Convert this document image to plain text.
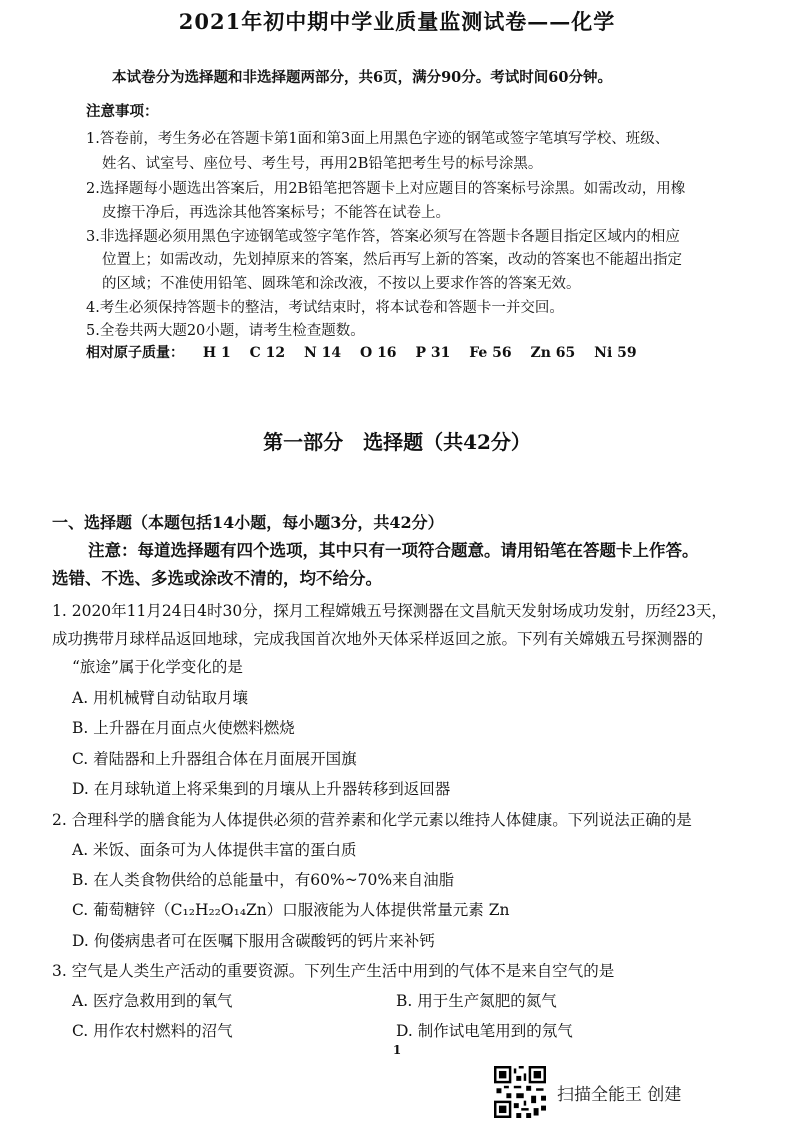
2021年初中期中学业质量监测试卷——化学
本试卷分为选择题和非选择题两部分，共6页，满分90分。考试时间60分钟。
注意事项：
1.答卷前，考生务必在答题卡第1面和第3面上用黑色字迹的钢笔或签字笔填写学校、班级、
姓名、试室号、座位号、考生号，再用2B铅笔把考生号的标号涂黑。
2.选择题每小题选出答案后，用2B铅笔把答题卡上对应题目的答案标号涂黑。如需改动，用橡
皮擦干净后，再选涂其他答案标号；不能答在试卷上。
3.非选择题必须用黑色字迹钢笔或签字笔作答，答案必须写在答题卡各题目指定区域内的相应
位置上；如需改动，先划掉原来的答案，然后再写上新的答案，改动的答案也不能超出指定
的区域；不准使用铅笔、圆珠笔和涂改液，不按以上要求作答的答案无效。
4.考生必须保持答题卡的整洁，考试结束时，将本试卷和答题卡一并交回。
5.全卷共两大题20小题，请考生检查题数。
相对原子质量： H 1 C 12 N 14 O 16 P 31 Fe 56 Zn 65 Ni 59
第一部分　选择题（共42分）
一、选择题（本题包括14小题，每小题3分，共42分）
注意：每道选择题有四个选项，其中只有一项符合题意。请用铅笔在答题卡上作答。
选错、不选、多选或涂改不清的，均不给分。
1. 2020年11月24日4时30分，探月工程嫦娥五号探测器在文昌航天发射场成功发射，历经23天，
成功携带月球样品返回地球，完成我国首次地外天体采样返回之旅。下列有关嫦娥五号探测器的
“旅途”属于化学变化的是
A. 用机械臂自动钻取月壤
B. 上升器在月面点火使燃料燃烧
C. 着陆器和上升器组合体在月面展开国旗
D. 在月球轨道上将采集到的月壤从上升器转移到返回器
2. 合理科学的膳食能为人体提供必须的营养素和化学元素以维持人体健康。下列说法正确的是
A. 米饭、面条可为人体提供丰富的蛋白质
B. 在人类食物供给的总能量中，有60%~70%来自油脂
C. 葡萄糖锌（C₁₂H₂₂O₁₄Zn）口服液能为人体提供常量元素 Zn
D. 佝偻病患者可在医嘱下服用含碳酸钙的钙片来补钙
3. 空气是人类生产活动的重要资源。下列生产生活中用到的气体不是来自空气的是
A. 医疗急救用到的氧气	B. 用于生产氮肥的氮气
C. 用作农村燃料的沼气	D. 制作试电笔用到的氖气
1
扫描全能王 创建
